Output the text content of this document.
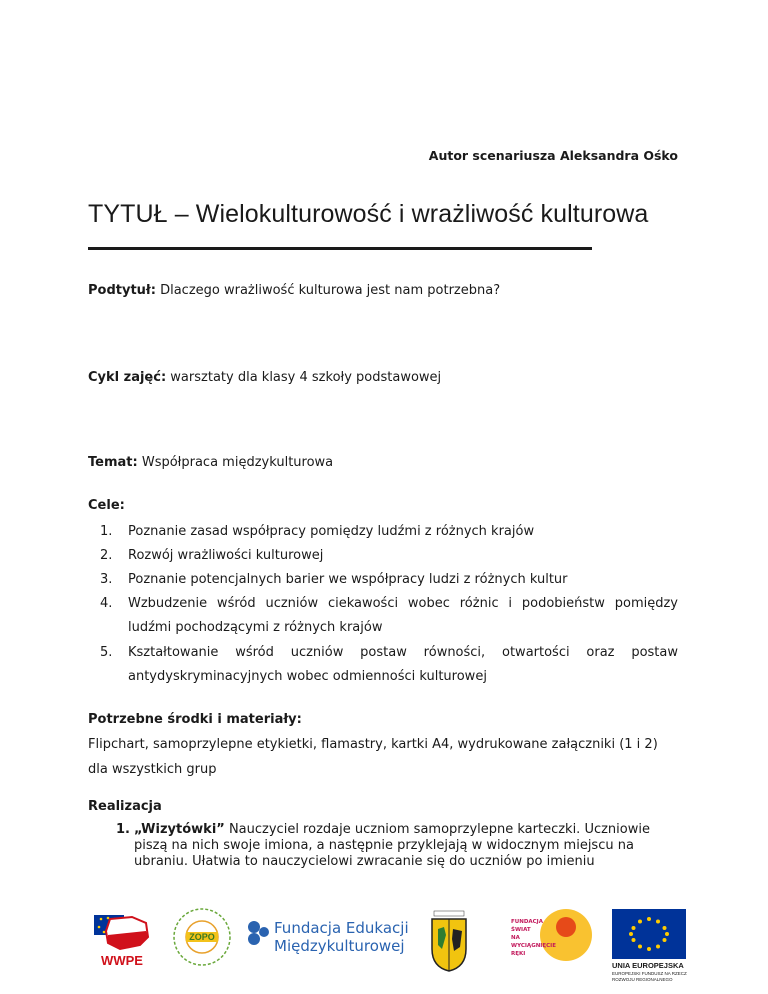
Autor scenariusza Aleksandra Ośko
TYTUŁ – Wielokulturowość i wrażliwość kulturowa
Podtytuł: Dlaczego wrażliwość kulturowa jest nam potrzebna?
Cykl zajęć: warsztaty dla klasy 4 szkoły podstawowej
Temat: Współpraca międzykulturowa
Cele:
1. Poznanie zasad współpracy pomiędzy ludźmi z różnych krajów
2. Rozwój wrażliwości kulturowej
3. Poznanie potencjalnych barier we współpracy ludzi z różnych kultur
4. Wzbudzenie wśród uczniów ciekawości wobec różnic i podobieństw pomiędzy ludźmi pochodzącymi z różnych krajów
5. Kształtowanie wśród uczniów postaw równości, otwartości oraz postaw antydyskryminacyjnych wobec odmienności kulturowej
Potrzebne środki i materiały:
Flipchart, samoprzylepne etykietki, flamastry, kartki A4, wydrukowane załączniki (1 i 2) dla wszystkich grup
Realizacja
1. „Wizytówki” Nauczyciel rozdaje uczniom samoprzylepne karteczki. Uczniowie piszą na nich swoje imiona, a następnie przyklejają w widocznym miejscu na ubraniu. Ułatwia to nauczycielowi zwracanie się do uczniów po imieniu
WWPE
ZOPO	Fundacja Edukacji
Międzykulturowej
FUNDACJA
ŚWIAT
NA
WYCIĄGNIĘCIE
RĘKI
UNIA EUROPEJSKA
EUROPEJSKI FUNDUSZ NA RZECZ
ROZWOJU REGIONALNEGO
